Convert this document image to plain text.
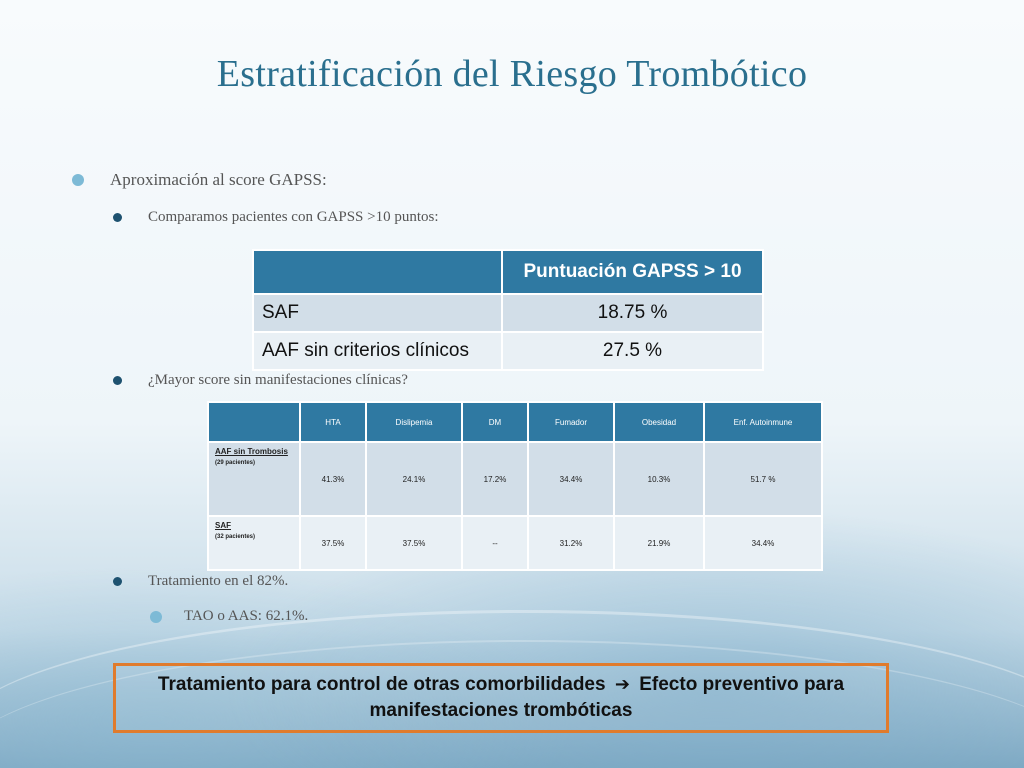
Estratificación del Riesgo Trombótico
Aproximación al score GAPSS:
Comparamos pacientes con GAPSS >10 puntos:
	Puntuación GAPSS > 10
SAF	18.75 %
AAF sin criterios clínicos	27.5 %
¿Mayor score sin manifestaciones clínicas?
	HTA	Dislipemia	DM	Fumador	Obesidad	Enf. Autoinmune

AAF sin Trombosis
(29 pacientes)	41.3%	24.1%	17.2%	34.4%	10.3%	51.7 %

SAF
(32 pacientes)	37.5%	37.5%	--	31.2%	21.9%	34.4%
Tratamiento en el 82%.
TAO o AAS: 62.1%.
Tratamiento para control de otras comorbilidades ➔ Efecto preventivo para manifestaciones trombóticas
